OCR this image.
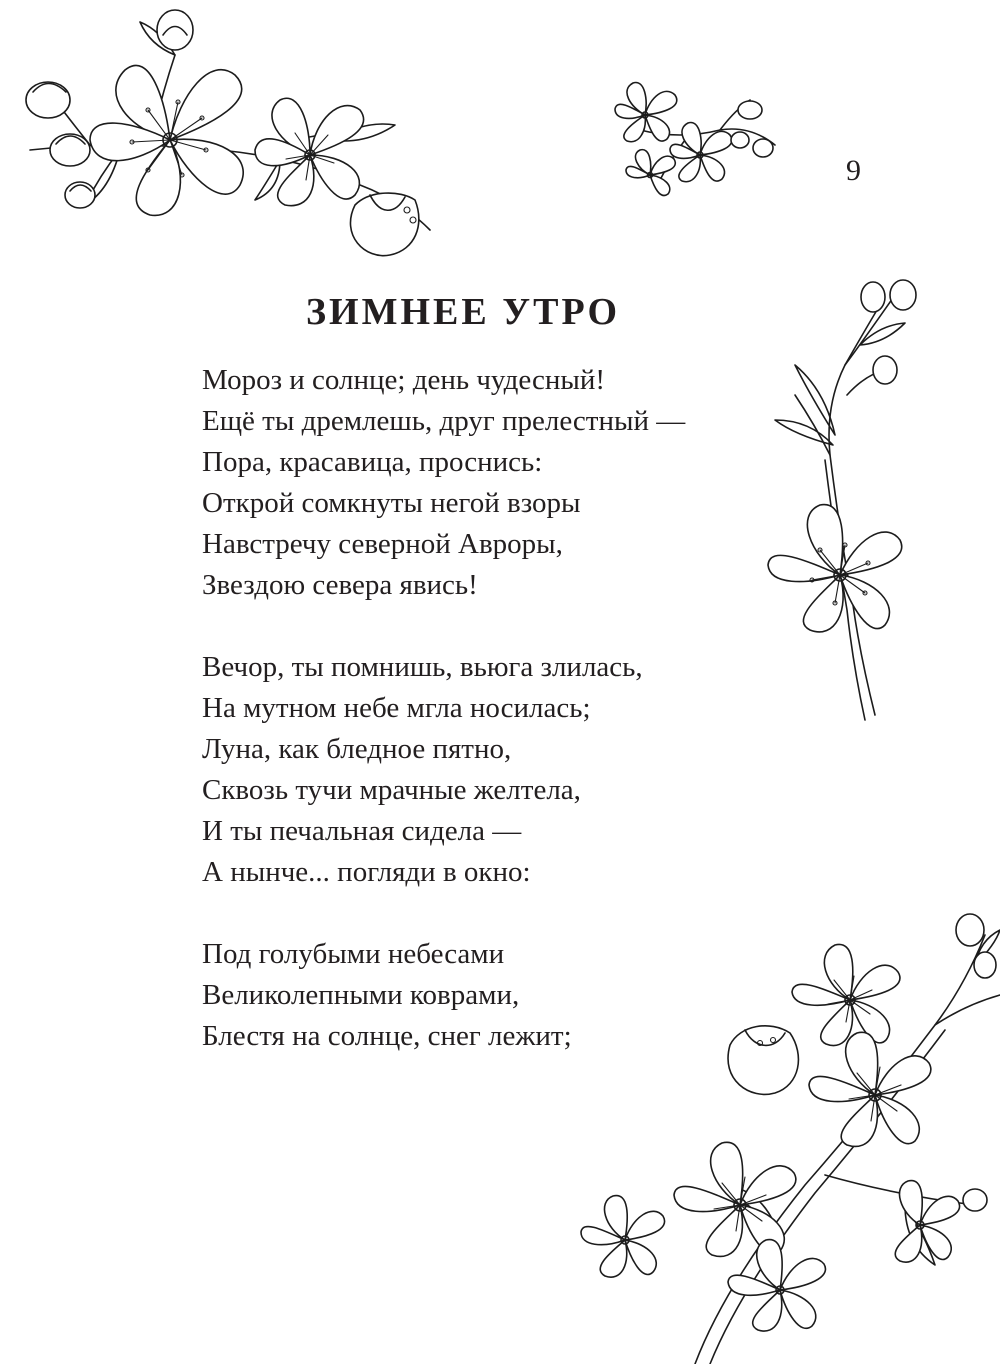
9
ЗИМНЕЕ УТРО
Мороз и солнце; день чудесный!
Ещё ты дремлешь, друг прелестный —
Пора, красавица, проснись:
Открой сомкнуты негой взоры
Навстречу северной Авроры,
Звездою севера явись!
Вечор, ты помнишь, вьюга злилась,
На мутном небе мгла носилась;
Луна, как бледное пятно,
Сквозь тучи мрачные желтела,
И ты печальная сидела —
А нынче... погляди в окно:
Под голубыми небесами
Великолепными коврами,
Блестя на солнце, снег лежит;
